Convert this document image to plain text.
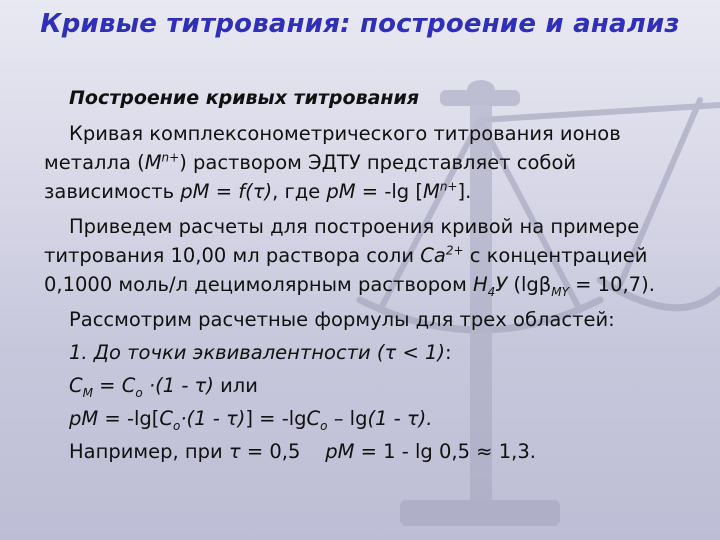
Кривые титрования: построение и анализ
Построение кривых титрования
Кривая комплексонометрического титрования ионов металла $(M^{n+})$ раствором ЭДТУ представляет собой зависимость pM = f(τ), где pM = -lg $[M^{n+}]$.
Приведем расчеты для построения кривой на примере титрования 10,00 мл раствора соли $Ca^{2+}$ с концентрацией 0,1000 моль/л децимолярным раствором $H_4У$ (lgβ$_{MY}$ = 10,7).
Рассмотрим расчетные формулы для трех областей:
1. До точки эквивалентности (τ < 1):
$C_M = C_o \cdot(1 - \tau)$ или
pM = $-\lg[C_o\cdot(1 - \tau)] = -\lg C_o - \lg(1 - \tau)$.
Например, при τ = 0,5    pM = 1 - lg 0,5 ≈ 1,3.
